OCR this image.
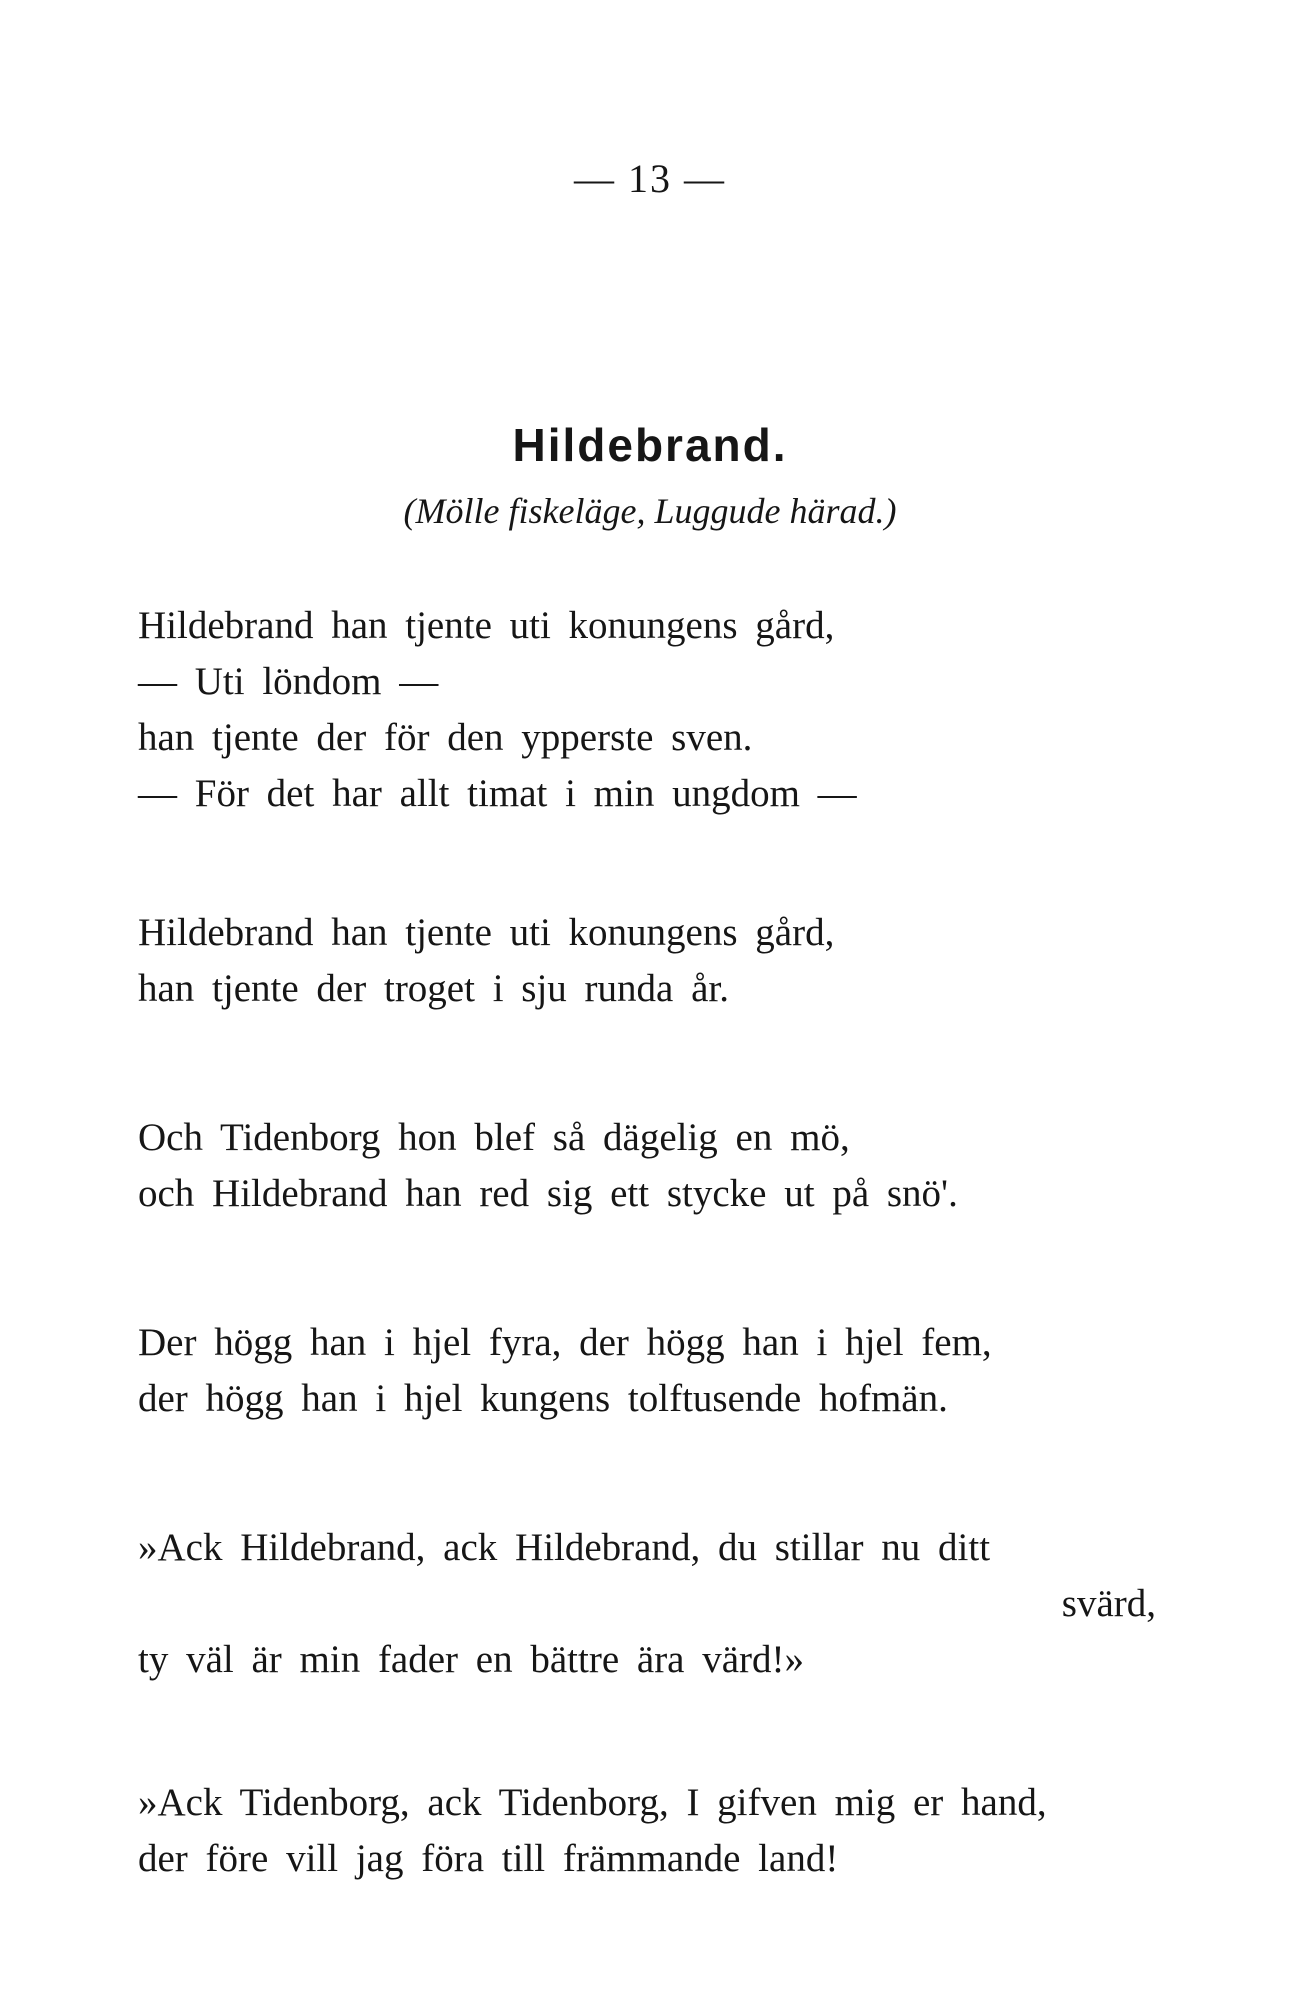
— 13 —
Hildebrand.
(Mölle fiskeläge, Luggude härad.)
Hildebrand han tjente uti konungens gård,
— Uti löndom —
han tjente der för den ypperste sven.
— För det har allt timat i min ungdom —
Hildebrand han tjente uti konungens gård,
han tjente der troget i sju runda år.
Och Tidenborg hon blef så dägelig en mö,
och Hildebrand han red sig ett stycke ut på snö'.
Der högg han i hjel fyra, der högg han i hjel fem,
der högg han i hjel kungens tolftusende hofmän.
»Ack Hildebrand, ack Hildebrand, du stillar nu ditt
svärd,
ty väl är min fader en bättre ära värd!»
»Ack Tidenborg, ack Tidenborg, I gifven mig er hand,
der före vill jag föra till främmande land!
